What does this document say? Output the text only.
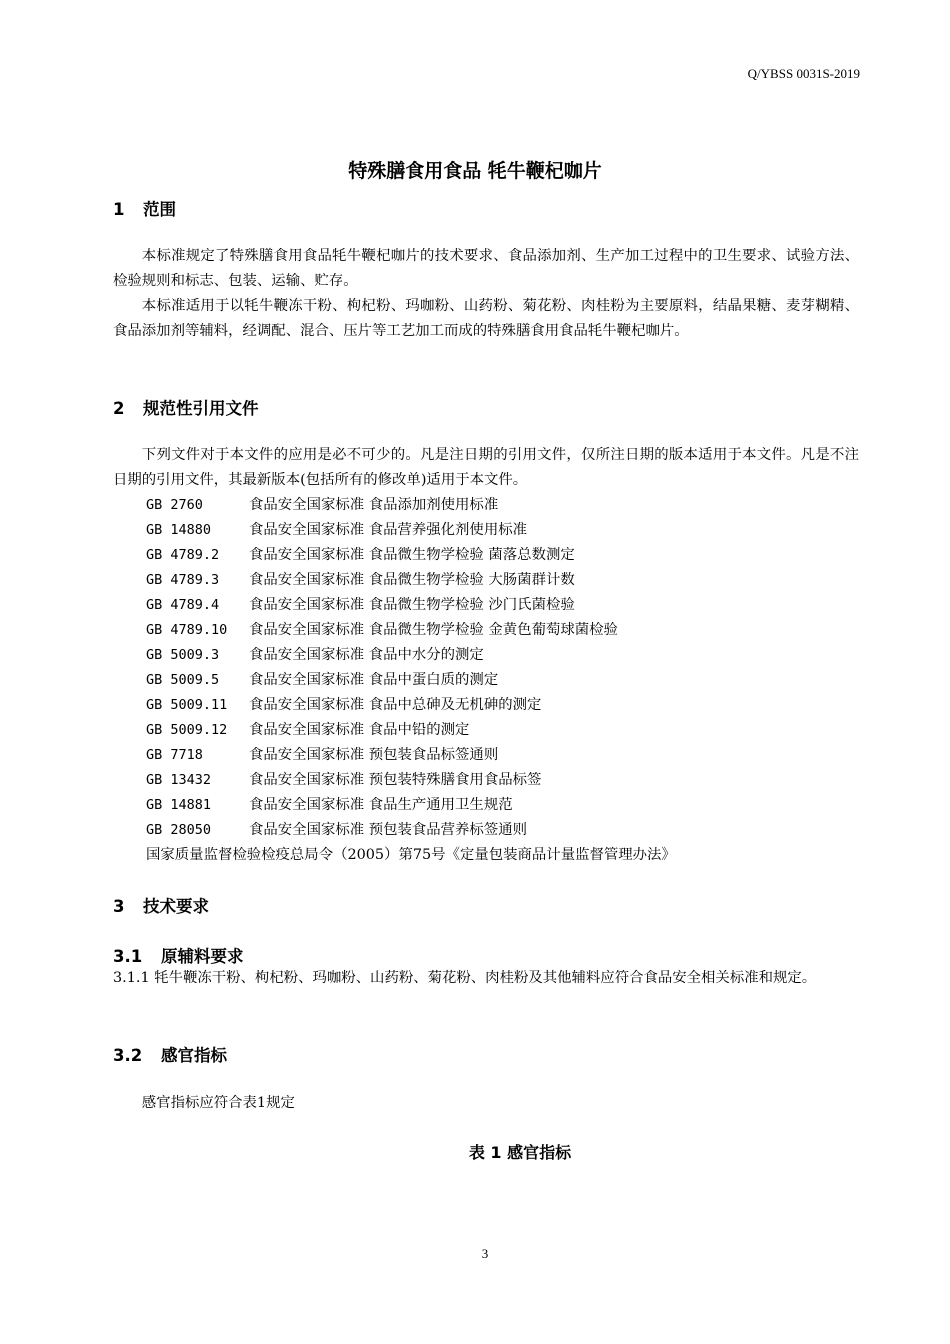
Q/YBSS 0031S-2019
特殊膳食用食品 牦牛鞭杞咖片
1 范围
本标准规定了特殊膳食用食品牦牛鞭杞咖片的技术要求、食品添加剂、生产加工过程中的卫生要求、试验方法、检验规则和标志、包装、运输、贮存。
本标准适用于以牦牛鞭冻干粉、枸杞粉、玛咖粉、山药粉、菊花粉、肉桂粉为主要原料，结晶果糖、麦芽糊精、食品添加剂等辅料，经调配、混合、压片等工艺加工而成的特殊膳食用食品牦牛鞭杞咖片。
2 规范性引用文件
下列文件对于本文件的应用是必不可少的。凡是注日期的引用文件，仅所注日期的版本适用于本文件。凡是不注日期的引用文件，其最新版本(包括所有的修改单)适用于本文件。
GB 2760	食品安全国家标准 食品添加剂使用标准
GB 14880	食品安全国家标准 食品营养强化剂使用标准
GB 4789.2 食品安全国家标准 食品微生物学检验 菌落总数测定
GB 4789.3 食品安全国家标准 食品微生物学检验 大肠菌群计数
GB 4789.4 食品安全国家标准 食品微生物学检验 沙门氏菌检验
GB 4789.10 食品安全国家标准 食品微生物学检验 金黄色葡萄球菌检验
GB 5009.3 食品安全国家标准 食品中水分的测定
GB 5009.5 食品安全国家标准 食品中蛋白质的测定
GB 5009.11 食品安全国家标准 食品中总砷及无机砷的测定
GB 5009.12 食品安全国家标准 食品中铅的测定
GB 7718	食品安全国家标准 预包装食品标签通则
GB 13432	食品安全国家标准 预包装特殊膳食用食品标签
GB 14881	食品安全国家标准 食品生产通用卫生规范
GB 28050	食品安全国家标准 预包装食品营养标签通则
国家质量监督检验检疫总局令（2005）第75号《定量包装商品计量监督管理办法》
3 技术要求
3.1 原辅料要求
3.1.1 牦牛鞭冻干粉、枸杞粉、玛咖粉、山药粉、菊花粉、肉桂粉及其他辅料应符合食品安全相关标准和规定。
3.2 感官指标
感官指标应符合表1规定
表 1 感官指标
3
